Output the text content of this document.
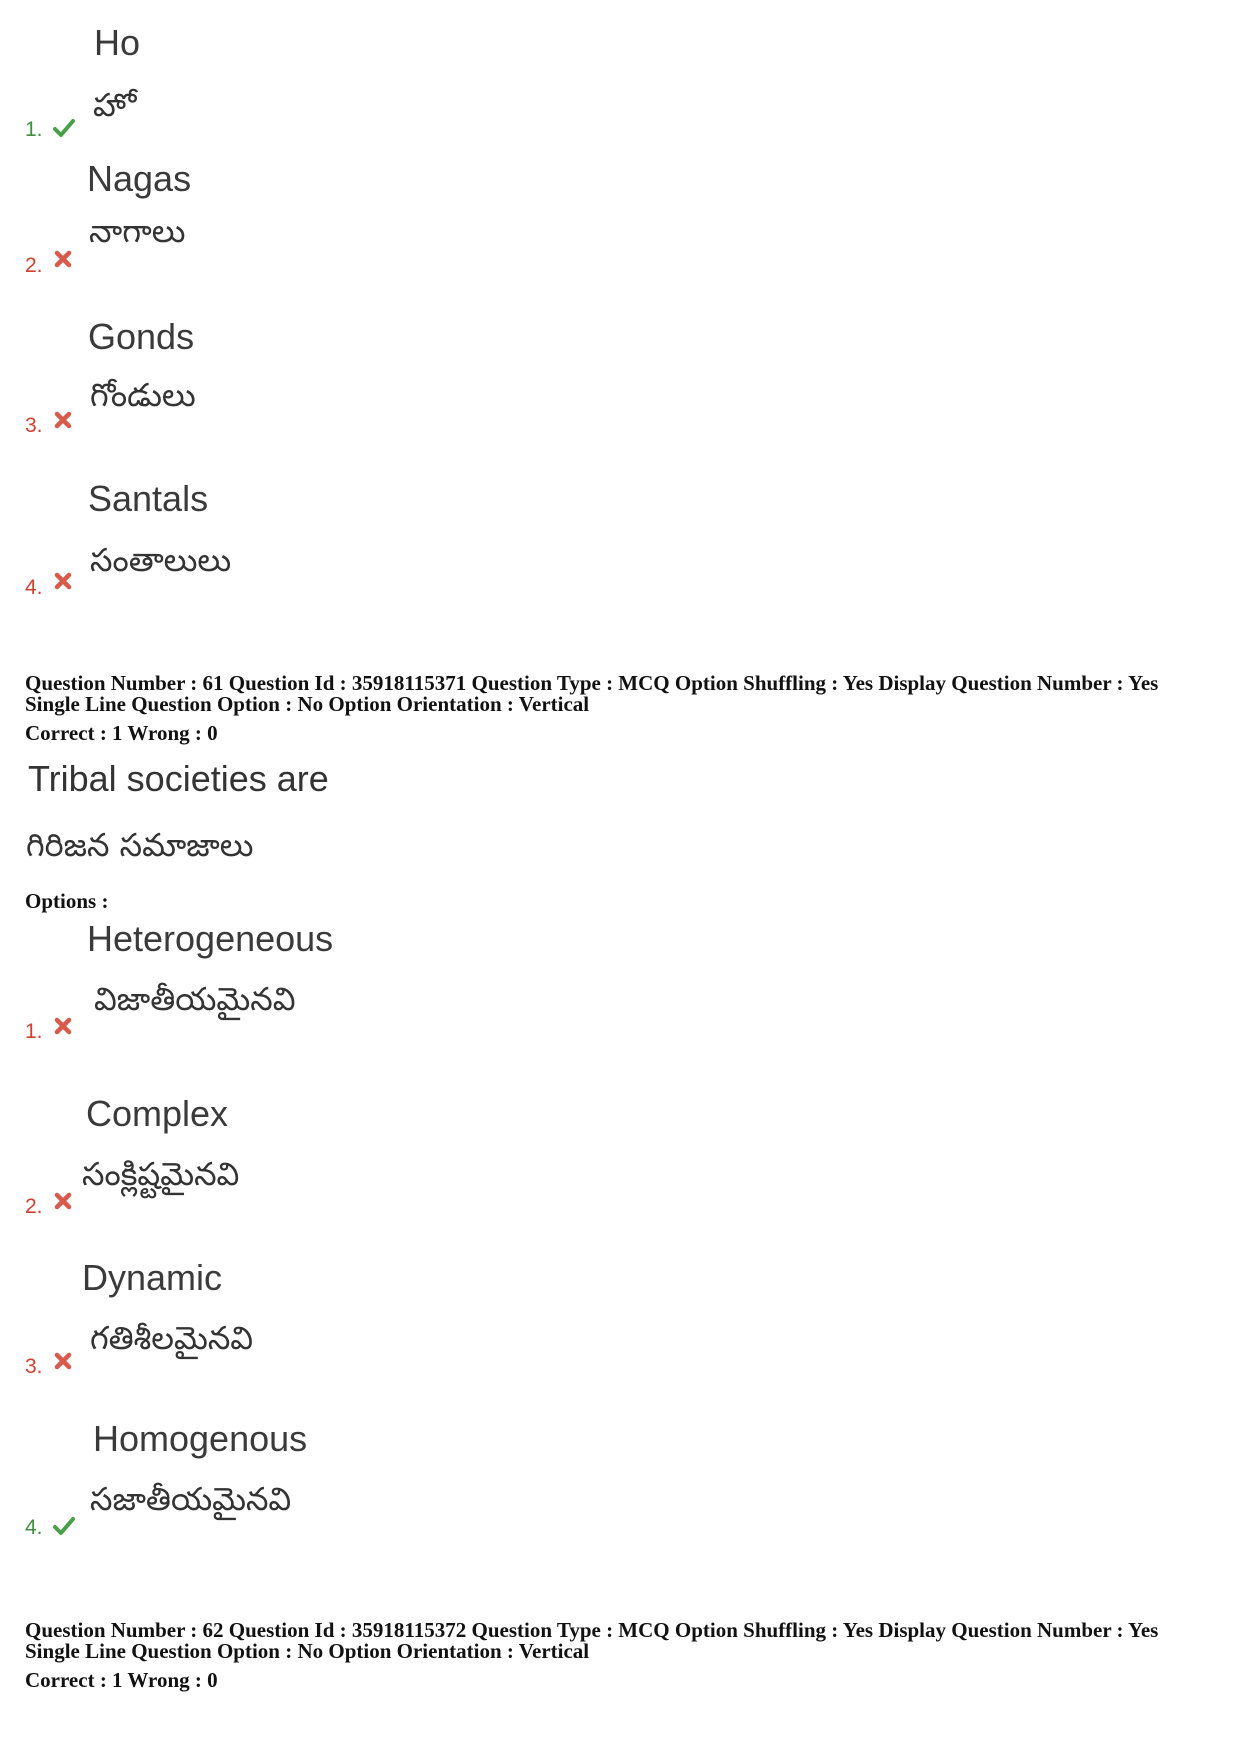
Ho
హో
1.
Nagas
నాగాలు
2.
Gonds
గోండులు
3.
Santals
సంతాలులు
4.
Question Number : 61 Question Id : 35918115371 Question Type : MCQ Option Shuffling : Yes Display Question Number : Yes
Single Line Question Option : No Option Orientation : Vertical
Correct : 1 Wrong : 0
Tribal societies are
గిరిజన సమాజాలు
Options :
Heterogeneous
విజాతీయమైనవి
1.
Complex
సంక్లిష్టమైనవి
2.
Dynamic
గతిశీలమైనవి
3.
Homogenous
సజాతీయమైనవి
4.
Question Number : 62 Question Id : 35918115372 Question Type : MCQ Option Shuffling : Yes Display Question Number : Yes
Single Line Question Option : No Option Orientation : Vertical
Correct : 1 Wrong : 0
